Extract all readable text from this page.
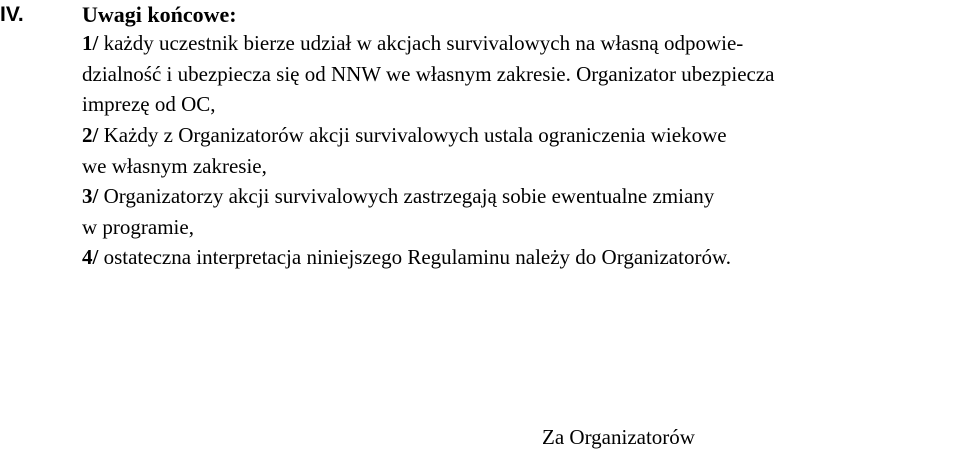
IV.	Uwagi końcowe:
1/ każdy uczestnik bierze udział w akcjach survivalowych na własną odpowie-
dzialność i ubezpiecza się od NNW we własnym zakresie. Organizator ubezpiecza
imprezę od OC,
2/ Każdy z Organizatorów akcji survivalowych ustala ograniczenia wiekowe
we własnym zakresie,
3/ Organizatorzy akcji survivalowych zastrzegają sobie ewentualne zmiany
w programie,
4/ ostateczna interpretacja niniejszego Regulaminu należy do Organizatorów.
Za Organizatorów
